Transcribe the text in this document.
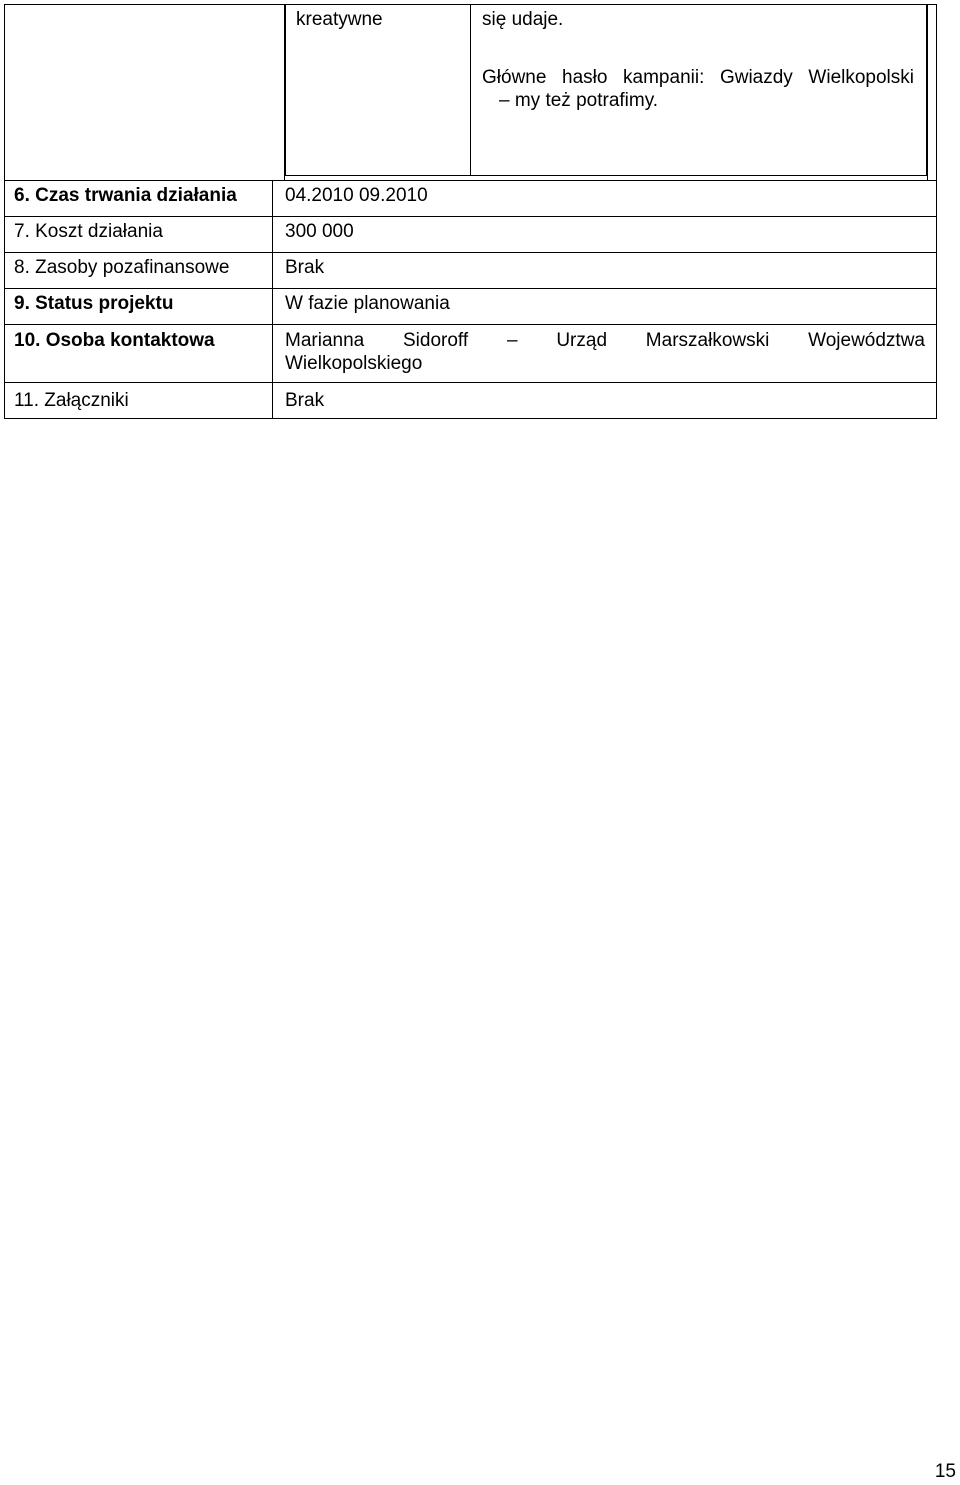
kreatywne	się udaje.

Główne hasło kampanii: Gwiazdy Wielkopolski
– my też potrafimy.

6. Czas trwania działania	04.2010 09.2010

7. Koszt działania	300 000

8. Zasoby pozafinansowe	Brak

9. Status projektu	W fazie planowania

10. Osoba kontaktowa	Marianna Sidoroff – Urząd Marszałkowski Województwa
Wielkopolskiego

11. Załączniki	Brak

15
